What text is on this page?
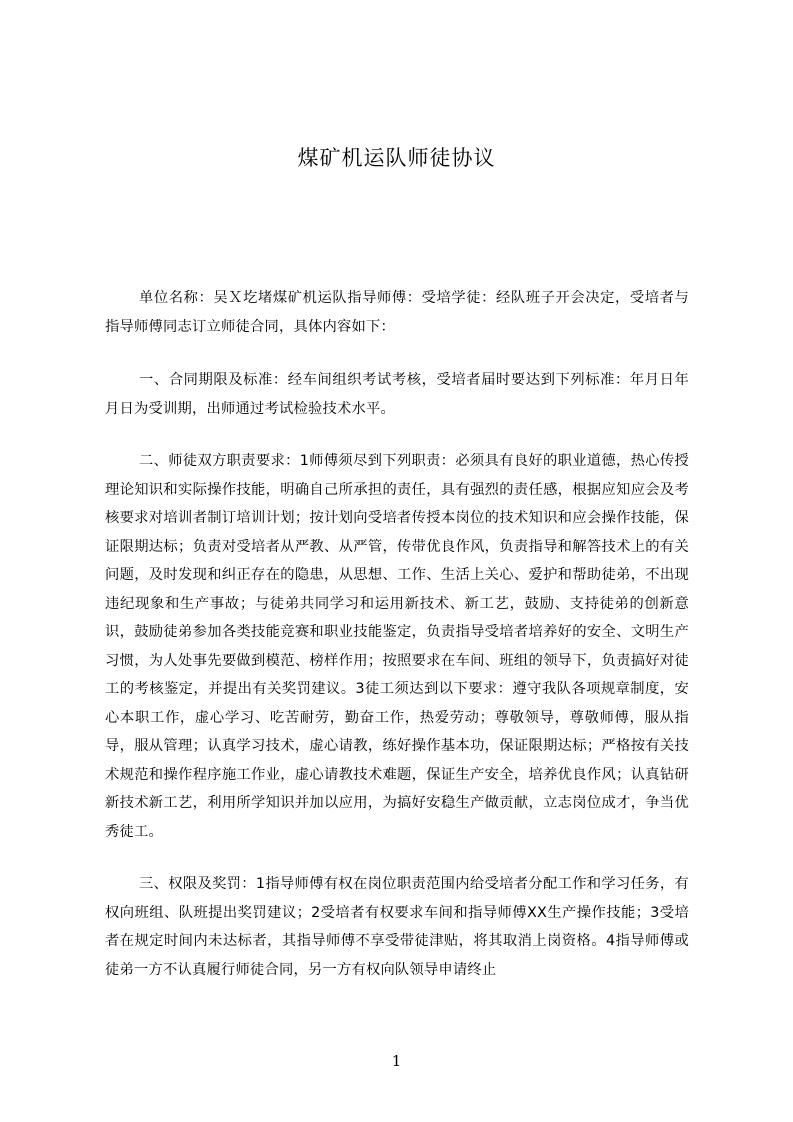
煤矿机运队师徒协议

单位名称：吴Ｘ圪堵煤矿机运队指导师傅：受培学徒：经队班子开会决定，受培者与指导师傅同志订立师徒合同，具体内容如下：

一、合同期限及标准：经车间组织考试考核，受培者届时要达到下列标准：年月日年月日为受训期，出师通过考试检验技术水平。

二、师徒双方职责要求：1师傅须尽到下列职责：必须具有良好的职业道德，热心传授理论知识和实际操作技能，明确自己所承担的责任，具有强烈的责任感，根据应知应会及考核要求对培训者制订培训计划；按计划向受培者传授本岗位的技术知识和应会操作技能，保证限期达标；负责对受培者从严教、从严管，传带优良作风，负责指导和解答技术上的有关问题，及时发现和纠正存在的隐患，从思想、工作、生活上关心、爱护和帮助徒弟，不出现违纪现象和生产事故；与徒弟共同学习和运用新技术、新工艺，鼓励、支持徒弟的创新意识，鼓励徒弟参加各类技能竞赛和职业技能鉴定，负责指导受培者培养好的安全、文明生产习惯，为人处事先要做到模范、榜样作用；按照要求在车间、班组的领导下，负责搞好对徒工的考核鉴定，并提出有关奖罚建议。3徒工须达到以下要求：遵守我队各项规章制度，安心本职工作，虚心学习、吃苦耐劳，勤奋工作，热爱劳动；尊敬领导，尊敬师傅，服从指导，服从管理；认真学习技术，虚心请教，练好操作基本功，保证限期达标；严格按有关技术规范和操作程序施工作业，虚心请教技术难题，保证生产安全，培养优良作风；认真钻研新技术新工艺，利用所学知识并加以应用，为搞好安稳生产做贡献，立志岗位成才，争当优秀徒工。

三、权限及奖罚：1指导师傅有权在岗位职责范围内给受培者分配工作和学习任务，有权向班组、队班提出奖罚建议；2受培者有权要求车间和指导师傅XX生产操作技能；3受培者在规定时间内未达标者，其指导师傅不享受带徒津贴，将其取消上岗资格。4指导师傅或徒弟一方不认真履行师徒合同，另一方有权向队领导申请终止

1
